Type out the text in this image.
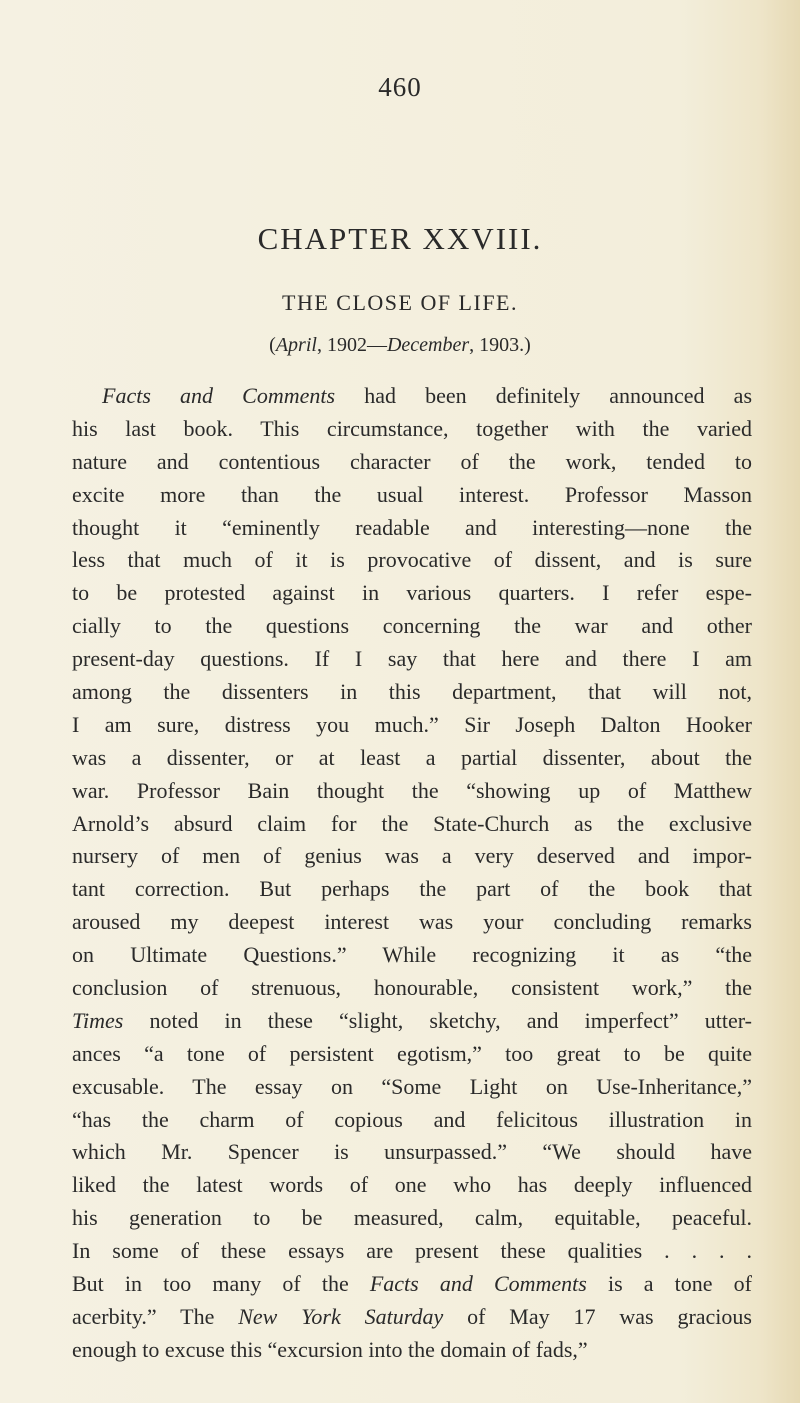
460
CHAPTER XXVIII.
THE CLOSE OF LIFE.
(April, 1902—December, 1903.)
Facts and Comments had been definitely announced as
his last book. This circumstance, together with the varied
nature and contentious character of the work, tended to
excite more than the usual interest. Professor Masson
thought it “eminently readable and interesting—none the
less that much of it is provocative of dissent, and is sure
to be protested against in various quarters. I refer espe-
cially to the questions concerning the war and other
present-day questions. If I say that here and there I am
among the dissenters in this department, that will not,
I am sure, distress you much.” Sir Joseph Dalton Hooker
was a dissenter, or at least a partial dissenter, about the
war. Professor Bain thought the “showing up of Matthew
Arnold’s absurd claim for the State-Church as the exclusive
nursery of men of genius was a very deserved and impor-
tant correction. But perhaps the part of the book that
aroused my deepest interest was your concluding remarks
on Ultimate Questions.” While recognizing it as “the
conclusion of strenuous, honourable, consistent work,” the
Times noted in these “slight, sketchy, and imperfect” utter-
ances “a tone of persistent egotism,” too great to be quite
excusable. The essay on “Some Light on Use-Inheritance,”
“has the charm of copious and felicitous illustration in
which Mr. Spencer is unsurpassed.” “We should have
liked the latest words of one who has deeply influenced
his generation to be measured, calm, equitable, peaceful.
In some of these essays are present these qualities . . . .
But in too many of the Facts and Comments is a tone of
acerbity.” The New York Saturday of May 17 was gracious
enough to excuse this “excursion into the domain of fads,”
